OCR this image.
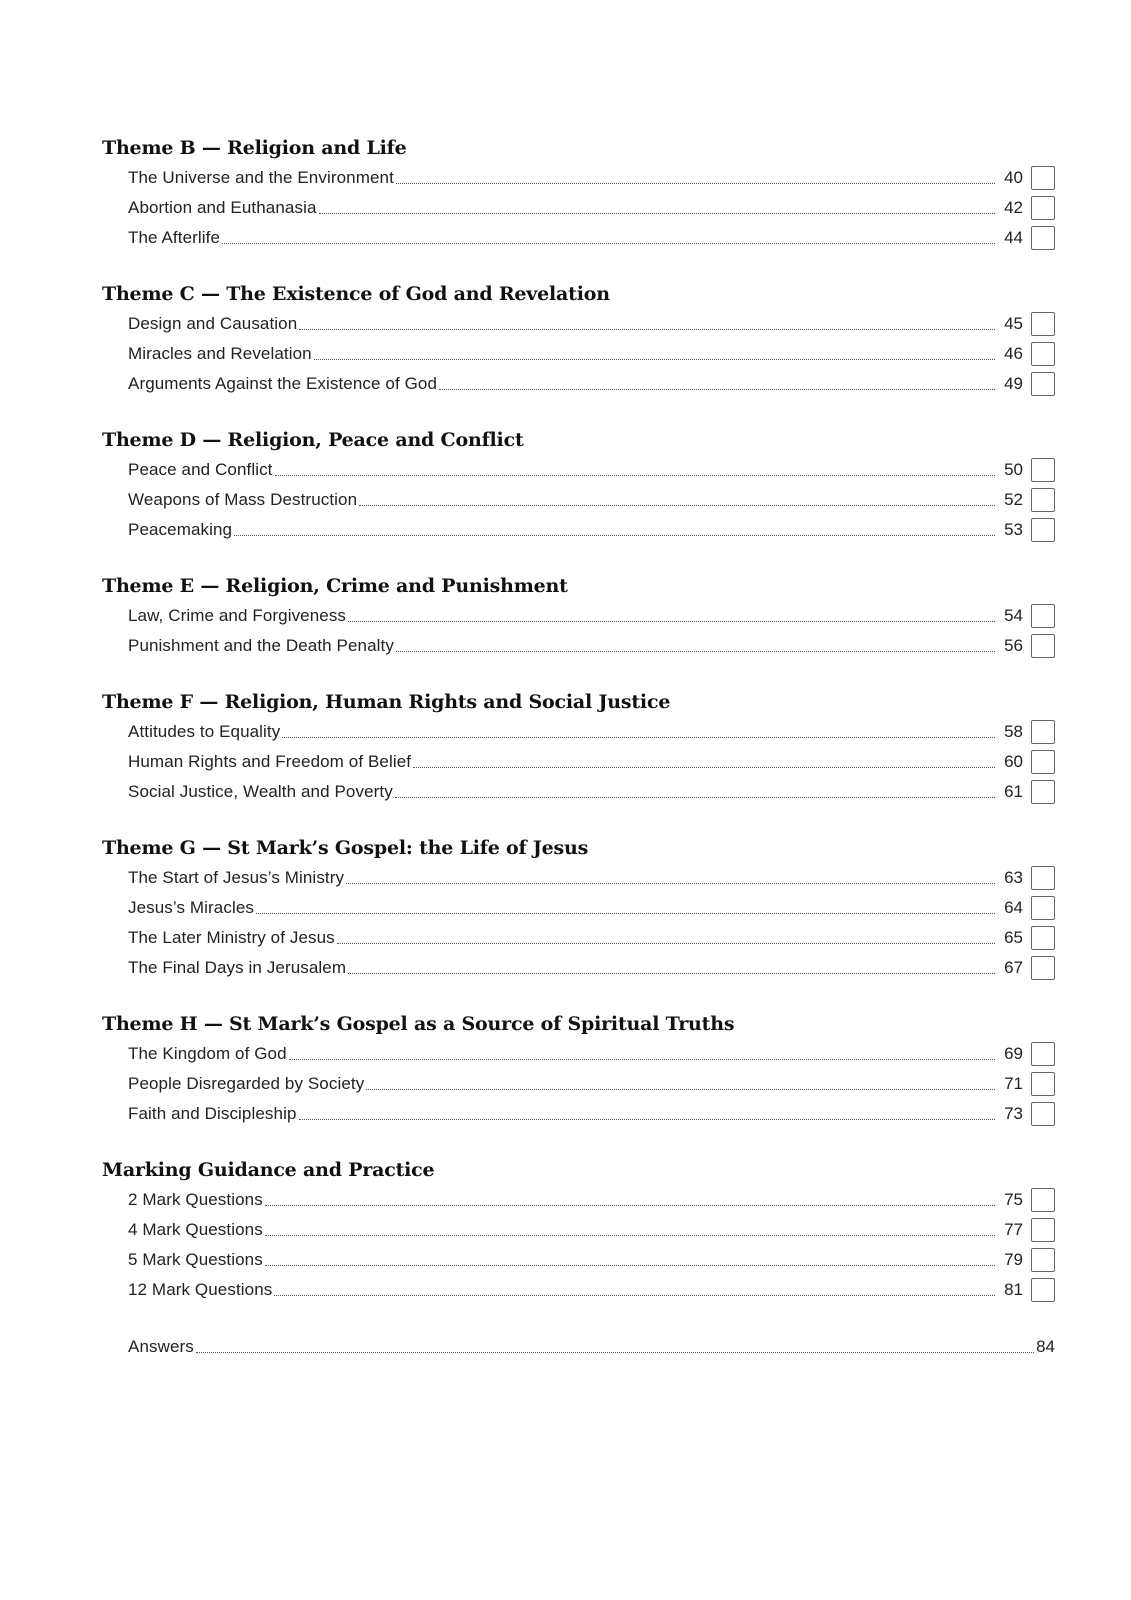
Theme B — Religion and Life
The Universe and the Environment	40
Abortion and Euthanasia	42
The Afterlife	44
Theme C — The Existence of God and Revelation
Design and Causation	45
Miracles and Revelation	46
Arguments Against the Existence of God	49
Theme D — Religion, Peace and Conflict
Peace and Conflict	50
Weapons of Mass Destruction	52
Peacemaking	53
Theme E — Religion, Crime and Punishment
Law, Crime and Forgiveness	54
Punishment and the Death Penalty	56
Theme F — Religion, Human Rights and Social Justice
Attitudes to Equality	58
Human Rights and Freedom of Belief	60
Social Justice, Wealth and Poverty	61
Theme G — St Mark’s Gospel: the Life of Jesus
The Start of Jesus’s Ministry	63
Jesus’s Miracles	64
The Later Ministry of Jesus	65
The Final Days in Jerusalem	67
Theme H — St Mark’s Gospel as a Source of Spiritual Truths
The Kingdom of God	69
People Disregarded by Society	71
Faith and Discipleship	73
Marking Guidance and Practice
2 Mark Questions	75
4 Mark Questions	77
5 Mark Questions	79
12 Mark Questions	81
Answers	84
